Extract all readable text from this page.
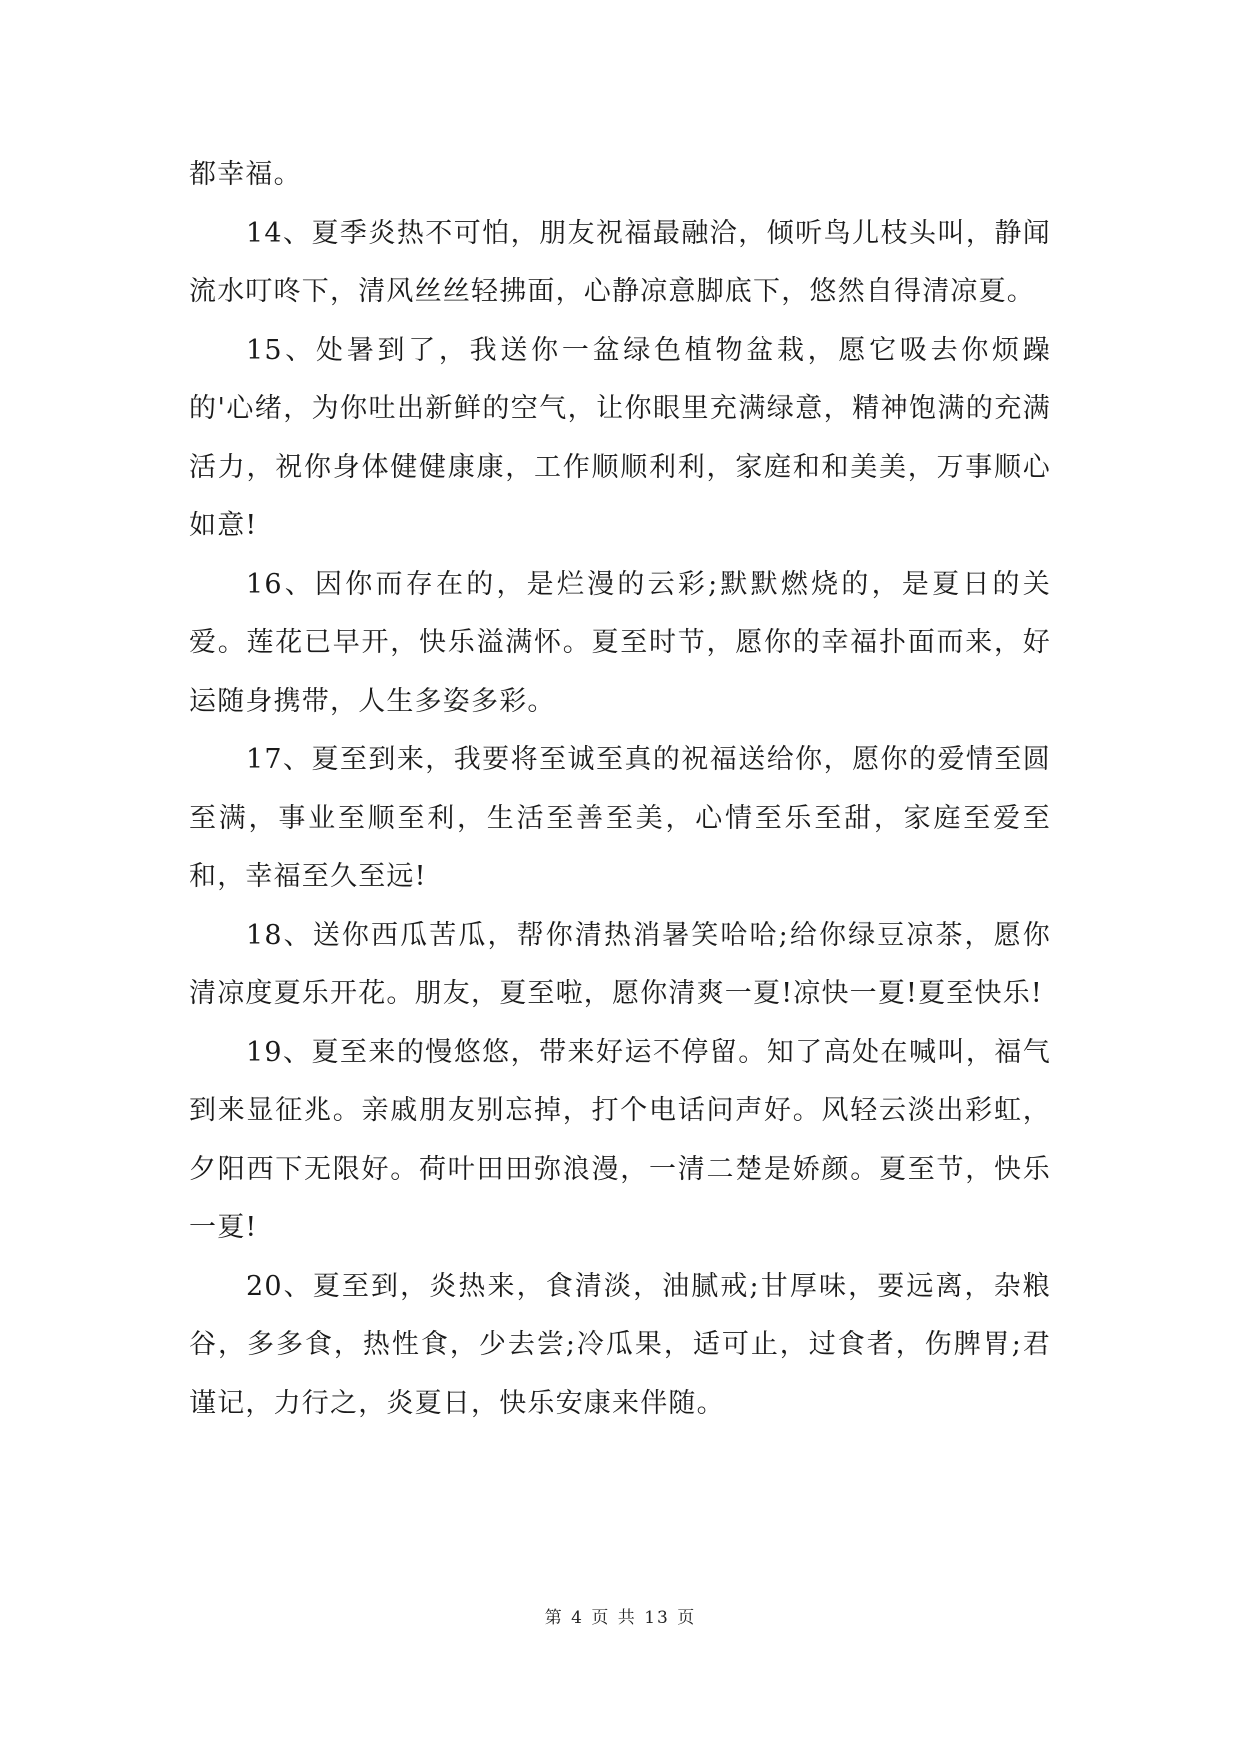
都幸福。

14、夏季炎热不可怕，朋友祝福最融洽，倾听鸟儿枝头叫，静闻流水叮咚下，清风丝丝轻拂面，心静凉意脚底下，悠然自得清凉夏。

15、处暑到了，我送你一盆绿色植物盆栽，愿它吸去你烦躁的'心绪，为你吐出新鲜的空气，让你眼里充满绿意，精神饱满的充满活力，祝你身体健健康康，工作顺顺利利，家庭和和美美，万事顺心如意!

16、因你而存在的，是烂漫的云彩;默默燃烧的，是夏日的关爱。莲花已早开，快乐溢满怀。夏至时节，愿你的幸福扑面而来，好运随身携带，人生多姿多彩。

17、夏至到来，我要将至诚至真的祝福送给你，愿你的爱情至圆至满，事业至顺至利，生活至善至美，心情至乐至甜，家庭至爱至和，幸福至久至远!

18、送你西瓜苦瓜，帮你清热消暑笑哈哈;给你绿豆凉茶，愿你清凉度夏乐开花。朋友，夏至啦，愿你清爽一夏!凉快一夏!夏至快乐!

19、夏至来的慢悠悠，带来好运不停留。知了高处在喊叫，福气到来显征兆。亲戚朋友别忘掉，打个电话问声好。风轻云淡出彩虹，夕阳西下无限好。荷叶田田弥浪漫，一清二楚是娇颜。夏至节，快乐一夏!

20、夏至到，炎热来，食清淡，油腻戒;甘厚味，要远离，杂粮谷，多多食，热性食，少去尝;冷瓜果，适可止，过食者，伤脾胃;君谨记，力行之，炎夏日，快乐安康来伴随。

第 4 页 共 13 页
